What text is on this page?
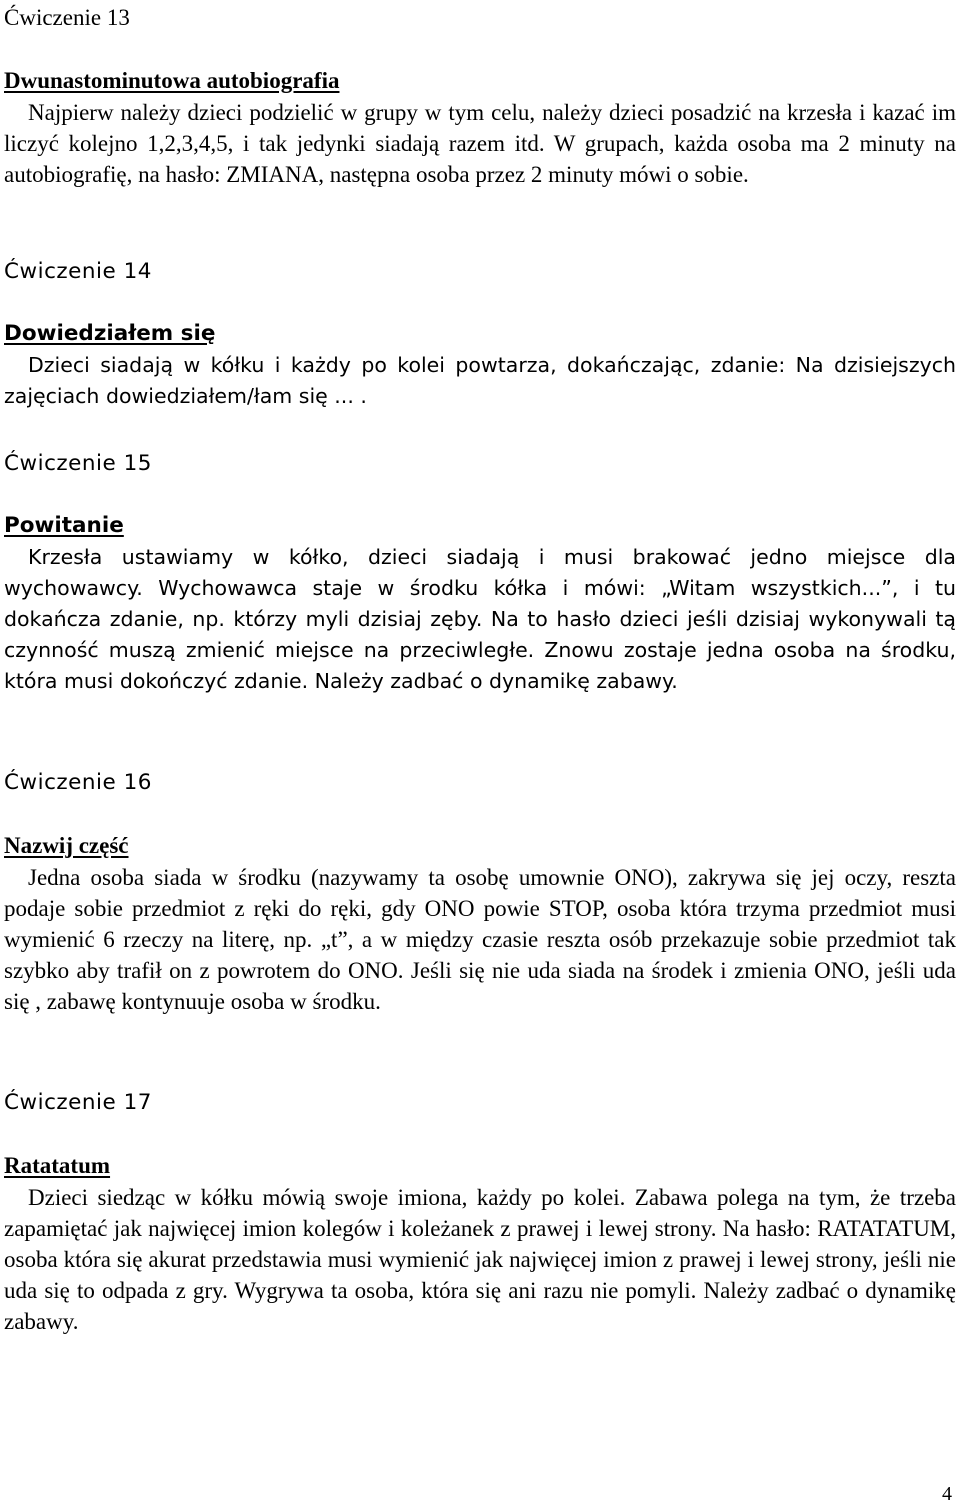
Ćwiczenie 13
Dwunastominutowa autobiografia

Najpierw należy dzieci podzielić w grupy w tym celu, należy dzieci posadzić na krzesła i kazać im liczyć kolejno 1,2,3,4,5, i tak jedynki siadają razem itd. W grupach, każda osoba ma 2 minuty na autobiografię, na hasło: ZMIANA, następna osoba przez 2 minuty mówi o sobie.

Ćwiczenie 14
Dowiedziałem się

Dzieci siadają w kółku i każdy po kolei powtarza, dokańczając, zdanie: Na dzisiejszych zajęciach dowiedziałem/łam się ... .

Ćwiczenie 15
Powitanie

Krzesła ustawiamy w kółko, dzieci siadają i musi brakować jedno miejsce dla wychowawcy. Wychowawca staje w środku kółka i mówi: „Witam wszystkich...”, i tu dokańcza zdanie, np. którzy myli dzisiaj zęby. Na to hasło dzieci jeśli dzisiaj wykonywali tą czynność muszą zmienić miejsce na przeciwległe. Znowu zostaje jedna osoba na środku, która musi dokończyć zdanie. Należy zadbać o dynamikę zabawy.

Ćwiczenie 16
Nazwij część

Jedna osoba siada w środku (nazywamy ta osobę umownie ONO), zakrywa się jej oczy, reszta podaje sobie przedmiot z ręki do ręki, gdy ONO powie STOP, osoba która trzyma przedmiot musi wymienić 6 rzeczy na literę, np. „t”, a w między czasie reszta osób przekazuje sobie przedmiot tak szybko aby trafił on z powrotem do ONO. Jeśli się nie uda siada na środek i zmienia ONO, jeśli uda się , zabawę kontynuuje osoba w środku.

Ćwiczenie 17
Ratatatum

Dzieci siedząc w kółku mówią swoje imiona, każdy po kolei. Zabawa polega na tym, że trzeba zapamiętać jak najwięcej imion kolegów i koleżanek z prawej i lewej strony. Na hasło: RATATATUM, osoba która się akurat przedstawia musi wymienić jak najwięcej imion z prawej i lewej strony, jeśli nie uda się to odpada z gry. Wygrywa ta osoba, która się ani razu nie pomyli. Należy zadbać o dynamikę zabawy.

4
